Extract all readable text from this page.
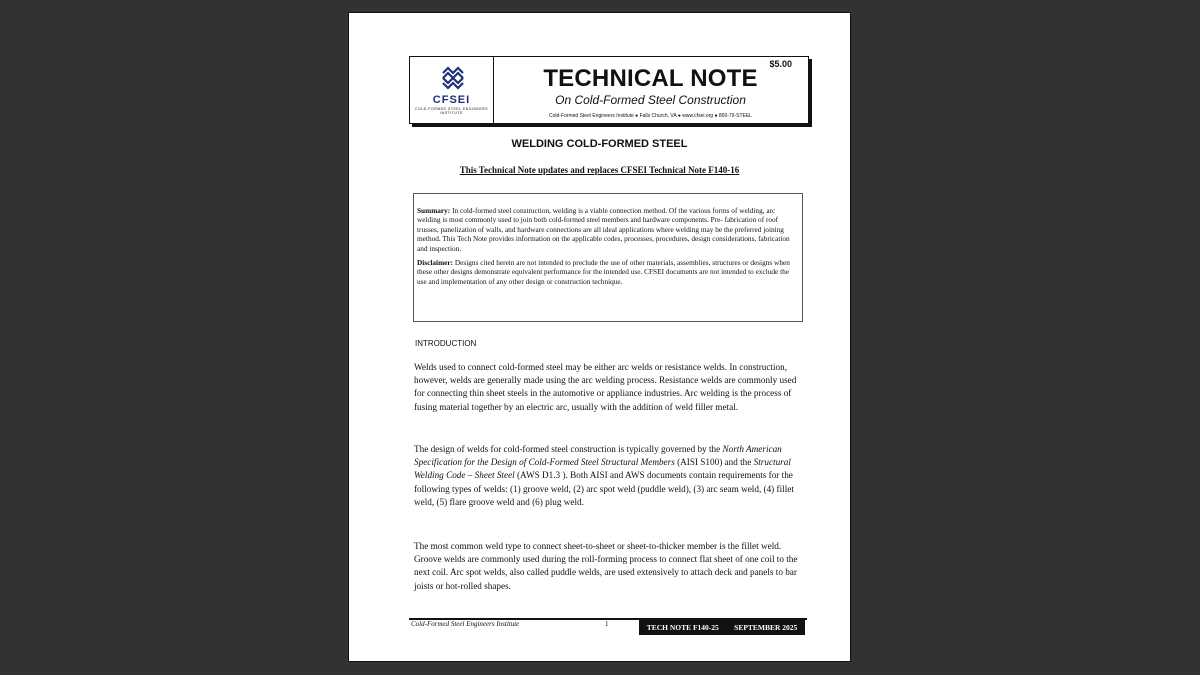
CFSEI
COLD-FORMED STEEL ENGINEERS INSTITUTE
$5.00
TECHNICAL NOTE
On Cold-Formed Steel Construction
Cold-Formed Steel Engineers Institute ● Falls Church, VA ● www.cfsei.org ● 800-79-STEEL
WELDING COLD-FORMED STEEL
This Technical Note updates and replaces CFSEI Technical Note F140-16

Summary: In cold-formed steel construction, welding is a viable connection method. Of the various forms of welding, arc welding is most commonly used to join both cold-formed steel members and hardware components. Pre- fabrication of roof trusses, panelization of walls, and hardware connections are all ideal applications where welding may be the preferred joining method. This Tech Note provides information on the applicable codes, processes, procedures, design considerations, fabrication and inspection.

Disclaimer: Designs cited herein are not intended to preclude the use of other materials, assemblies, structures or designs when these other designs demonstrate equivalent performance for the intended use. CFSEI documents are not intended to exclude the use and implementation of any other design or construction technique.

INTRODUCTION

Welds used to connect cold-formed steel may be either arc welds or resistance welds. In construction, however, welds are generally made using the arc welding process. Resistance welds are commonly used for connecting thin sheet steels in the automotive or appliance industries. Arc welding is the process of fusing material together by an electric arc, usually with the addition of weld filler metal.

The design of welds for cold-formed steel construction is typically governed by the North American Specification for the Design of Cold-Formed Steel Structural Members (AISI S100) and the Structural Welding Code – Sheet Steel (AWS D1.3 ). Both AISI and AWS documents contain requirements for the following types of welds: (1) groove weld, (2) arc spot weld (puddle weld), (3) arc seam weld, (4) fillet weld, (5) flare groove weld and (6) plug weld.

The most common weld type to connect sheet-to-sheet or sheet-to-thicker member is the fillet weld. Groove welds are commonly used during the roll-forming process to connect flat sheet of one coil to the next coil. Arc spot welds, also called puddle welds, are used extensively to attach deck and panels to bar joists or hot-rolled shapes.

Cold-Formed Steel Engineers Institute	1	TECH NOTE F140-25 SEPTEMBER 2025
